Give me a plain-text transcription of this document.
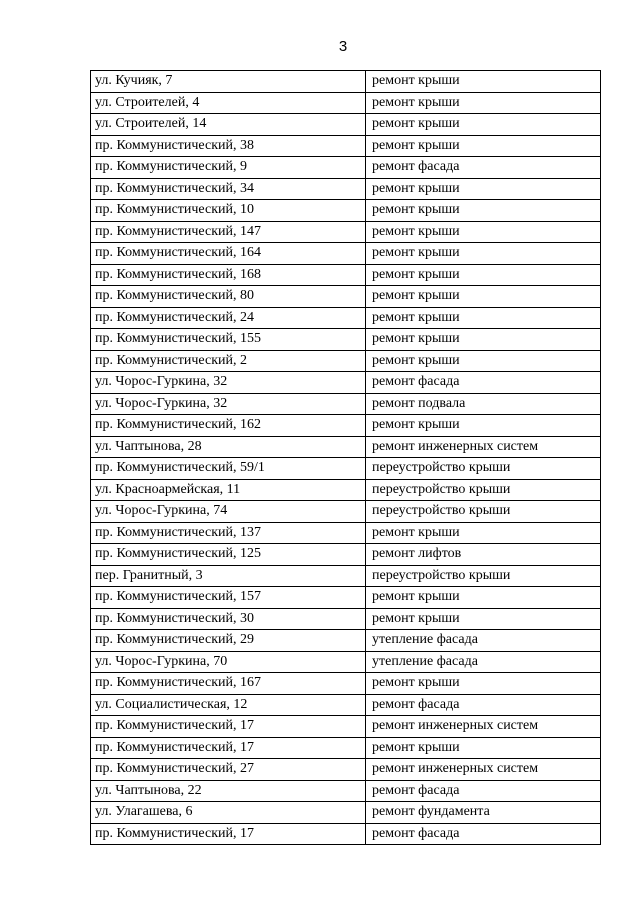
3
ул. Кучияк, 7	ремонт крыши
ул. Строителей, 4	ремонт крыши
ул. Строителей, 14	ремонт крыши
пр. Коммунистический, 38	ремонт крыши
пр. Коммунистический, 9	ремонт фасада
пр. Коммунистический, 34	ремонт крыши
пр. Коммунистический, 10	ремонт крыши
пр. Коммунистический, 147	ремонт крыши
пр. Коммунистический, 164	ремонт крыши
пр. Коммунистический, 168	ремонт крыши
пр. Коммунистический, 80	ремонт крыши
пр. Коммунистический, 24	ремонт крыши
пр. Коммунистический, 155	ремонт крыши
пр. Коммунистический, 2	ремонт крыши
ул. Чорос-Гуркина, 32	ремонт фасада
ул. Чорос-Гуркина, 32	ремонт подвала
пр. Коммунистический, 162	ремонт крыши
ул. Чаптынова, 28	ремонт инженерных систем
пр. Коммунистический, 59/1	переустройство крыши
ул. Красноармейская, 11	переустройство крыши
ул. Чорос-Гуркина, 74	переустройство крыши
пр. Коммунистический, 137	ремонт крыши
пр. Коммунистический, 125	ремонт лифтов
пер. Гранитный, 3	переустройство крыши
пр. Коммунистический, 157	ремонт крыши
пр. Коммунистический, 30	ремонт крыши
пр. Коммунистический, 29	утепление фасада
ул. Чорос-Гуркина, 70	утепление фасада
пр. Коммунистический, 167	ремонт крыши
ул. Социалистическая, 12	ремонт фасада
пр. Коммунистический, 17	ремонт инженерных систем
пр. Коммунистический, 17	ремонт крыши
пр. Коммунистический, 27	ремонт инженерных систем
ул. Чаптынова, 22	ремонт фасада
ул. Улагашева, 6	ремонт фундамента
пр. Коммунистический, 17	ремонт фасада
